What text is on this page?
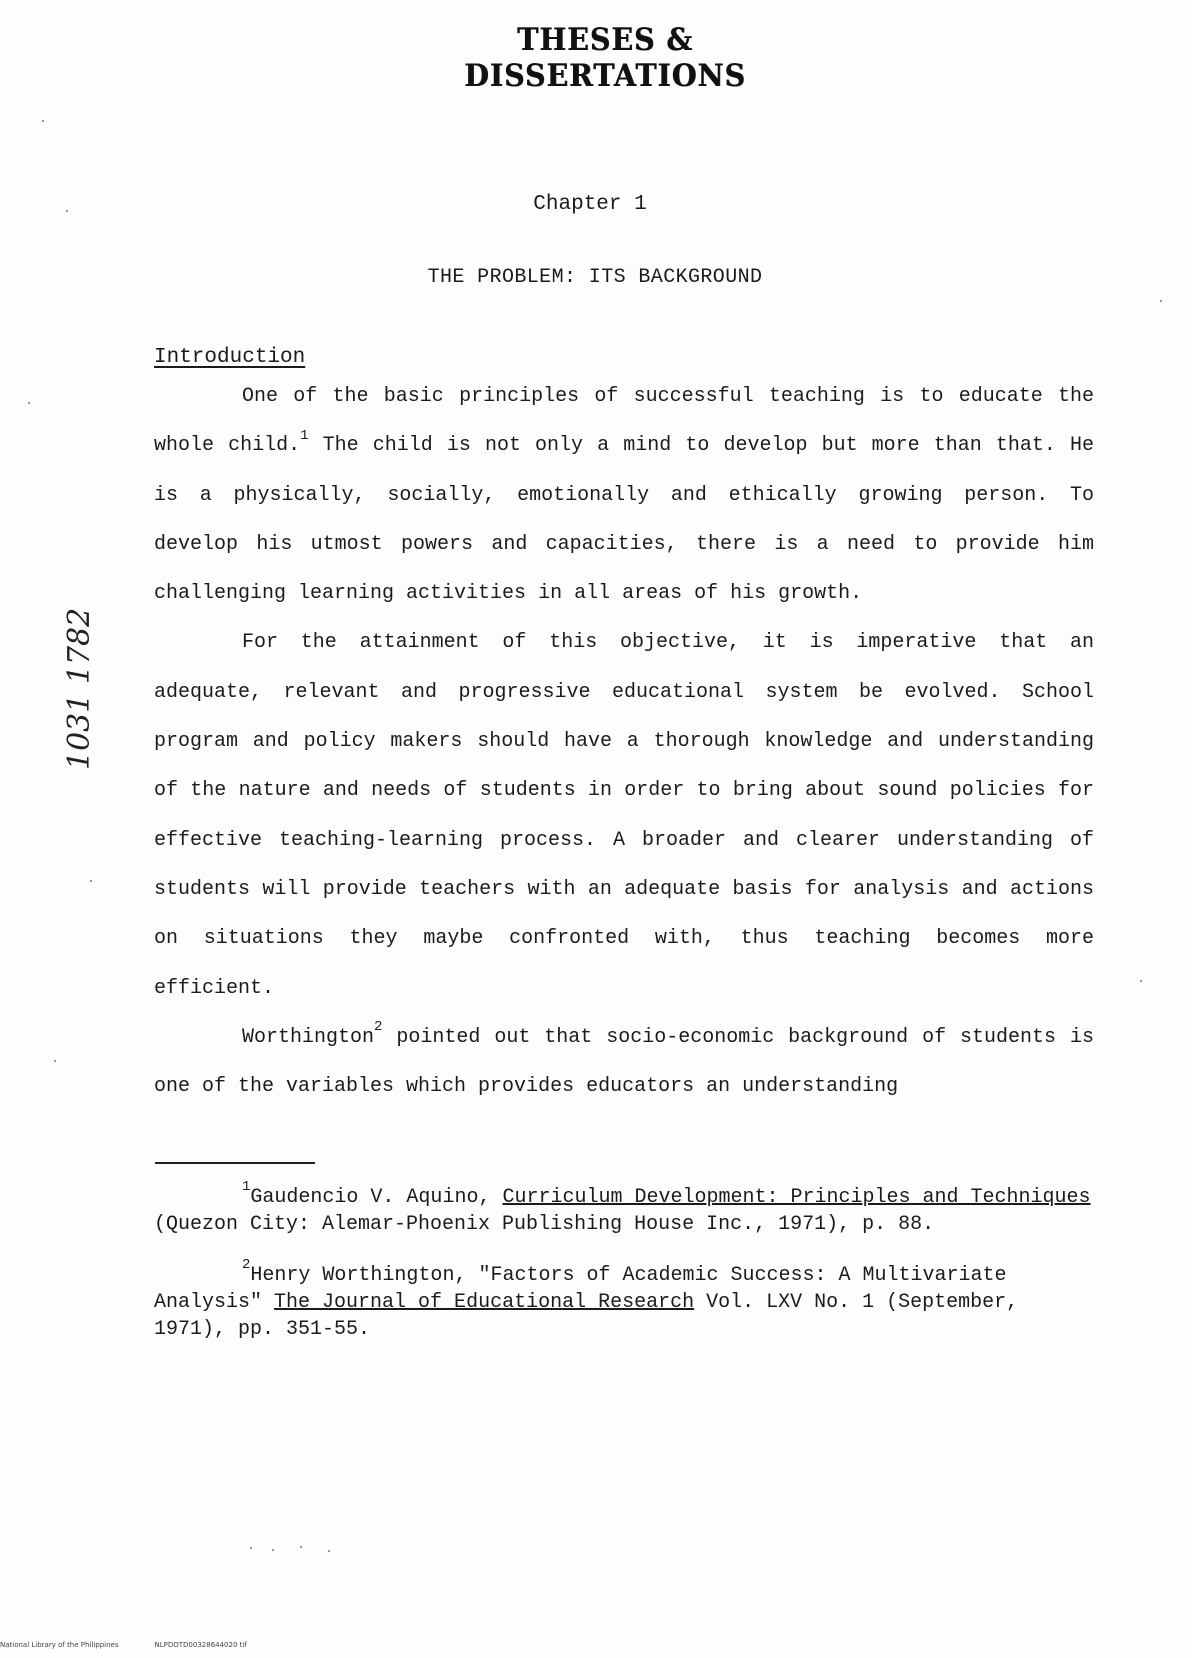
THESES & DISSERTATIONS
1031 1782
Chapter 1
THE PROBLEM: ITS BACKGROUND
Introduction

One of the basic principles of successful teaching is to educate the whole child.$^1$ The child is not only a mind to develop but more than that. He is a physically, socially, emotionally and ethically growing person. To develop his utmost powers and capacities, there is a need to provide him challenging learning activities in all areas of his growth.

For the attainment of this objective, it is imperative that an adequate, relevant and progressive educational system be evolved. School program and policy makers should have a thorough knowledge and understanding of the nature and needs of students in order to bring about sound policies for effective teaching-learning process. A broader and clearer understanding of students will provide teachers with an adequate basis for analysis and actions on situations they maybe confronted with, thus teaching becomes more efficient.

Worthington$^2$ pointed out that socio-economic background of students is one of the variables which provides educators an understanding

$^1$Gaudencio V. Aquino, Curriculum Development: Principles and Techniques (Quezon City: Alemar-Phoenix Publishing House Inc., 1971), p. 88.

$^2$Henry Worthington, "Factors of Academic Success: A Multivariate Analysis" The Journal of Educational Research Vol. LXV No. 1 (September, 1971), pp. 351-55.

National Library of the Philippines	NLPDOTD00328644020 tif
